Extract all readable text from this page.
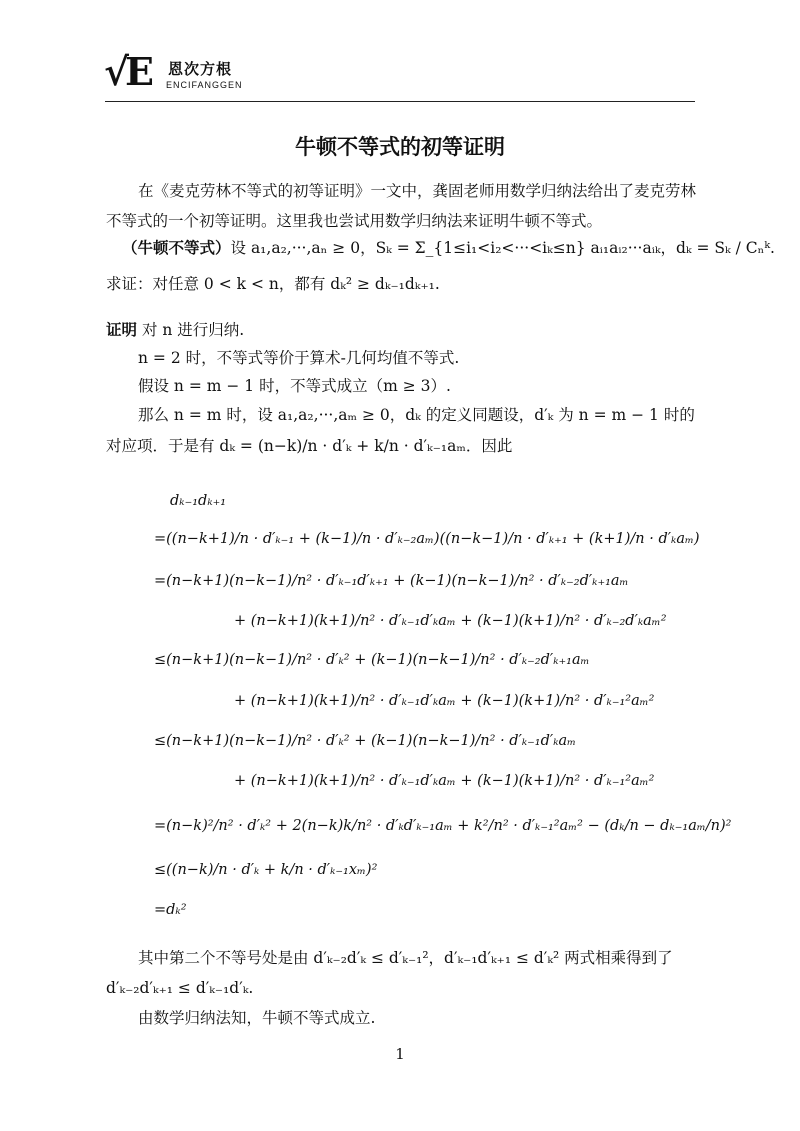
√E 恩次方根
ENCIFANGGEN
牛顿不等式的初等证明
在《麦克劳林不等式的初等证明》一文中，龚固老师用数学归纳法给出了麦克劳林不等式的一个初等证明。这里我也尝试用数学归纳法来证明牛顿不等式。
（牛顿不等式）设 a₁,a₂,···,aₙ ≥ 0，Sₖ = Σ_{1≤i₁<i₂<···<iₖ≤n} aᵢ₁aᵢ₂···aᵢₖ，dₖ = Sₖ / Cₙᵏ.
求证：对任意 0 < k < n，都有 dₖ² ≥ dₖ₋₁dₖ₊₁.
证明 对 n 进行归纳.
n = 2 时，不等式等价于算术-几何均值不等式.
假设 n = m − 1 时，不等式成立（m ≥ 3）.
那么 n = m 时，设 a₁,a₂,···,aₘ ≥ 0，dₖ 的定义同题设，d′ₖ 为 n = m − 1 时的
对应项．于是有 dₖ = (n−k)/n · d′ₖ + k/n · d′ₖ₋₁aₘ．因此
dₖ₋₁dₖ₊₁
=((n−k+1)/n · d′ₖ₋₁ + (k−1)/n · d′ₖ₋₂aₘ)((n−k−1)/n · d′ₖ₊₁ + (k+1)/n · d′ₖaₘ)
=(n−k+1)(n−k−1)/n² · d′ₖ₋₁d′ₖ₊₁ + (k−1)(n−k−1)/n² · d′ₖ₋₂d′ₖ₊₁aₘ
+ (n−k+1)(k+1)/n² · d′ₖ₋₁d′ₖaₘ + (k−1)(k+1)/n² · d′ₖ₋₂d′ₖaₘ²
≤(n−k+1)(n−k−1)/n² · d′ₖ² + (k−1)(n−k−1)/n² · d′ₖ₋₂d′ₖ₊₁aₘ
+ (n−k+1)(k+1)/n² · d′ₖ₋₁d′ₖaₘ + (k−1)(k+1)/n² · d′ₖ₋₁²aₘ²
≤(n−k+1)(n−k−1)/n² · d′ₖ² + (k−1)(n−k−1)/n² · d′ₖ₋₁d′ₖaₘ
+ (n−k+1)(k+1)/n² · d′ₖ₋₁d′ₖaₘ + (k−1)(k+1)/n² · d′ₖ₋₁²aₘ²
=(n−k)²/n² · d′ₖ² + 2(n−k)k/n² · d′ₖd′ₖ₋₁aₘ + k²/n² · d′ₖ₋₁²aₘ² − (dₖ/n − dₖ₋₁aₘ/n)²
≤((n−k)/n · d′ₖ + k/n · d′ₖ₋₁xₘ)²
=dₖ²
其中第二个不等号处是由 d′ₖ₋₂d′ₖ ≤ d′ₖ₋₁²，d′ₖ₋₁d′ₖ₊₁ ≤ d′ₖ² 两式相乘得到了
d′ₖ₋₂d′ₖ₊₁ ≤ d′ₖ₋₁d′ₖ.
由数学归纳法知，牛顿不等式成立.
1
